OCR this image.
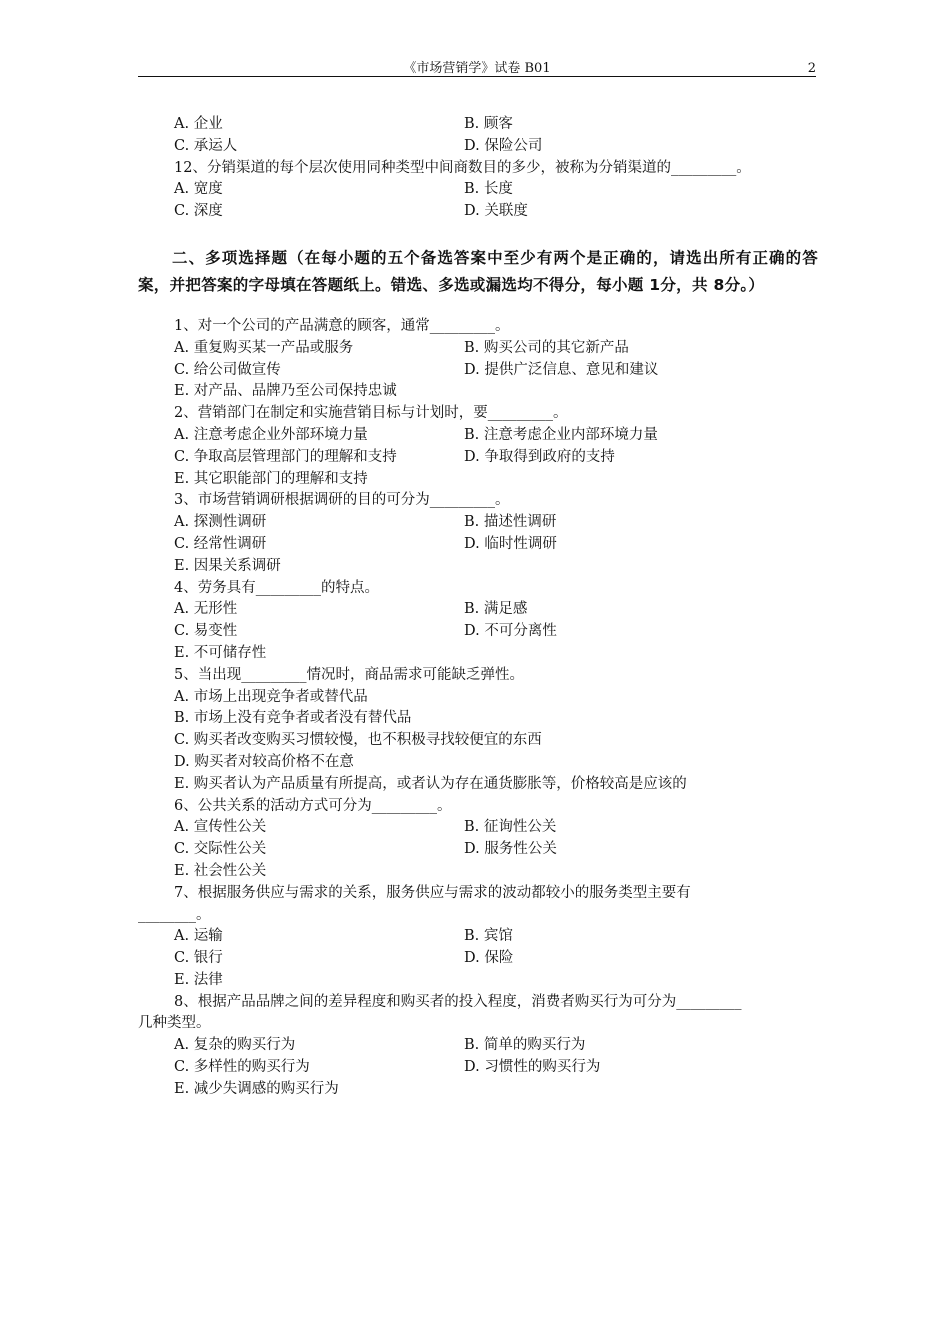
《市场营销学》试卷 B01	2
A. 企业	B. 顾客
C. 承运人	D. 保险公司
12、分销渠道的每个层次使用同种类型中间商数目的多少，被称为分销渠道的_________。
A. 宽度	B. 长度
C. 深度	D. 关联度
二、多项选择题（在每小题的五个备选答案中至少有两个是正确的，请选出所有正确的答案，并把答案的字母填在答题纸上。错选、多选或漏选均不得分，每小题 1分，共 8分。）
1、对一个公司的产品满意的顾客，通常_________。
A. 重复购买某一产品或服务	B. 购买公司的其它新产品
C. 给公司做宣传	D. 提供广泛信息、意见和建议
E. 对产品、品牌乃至公司保持忠诚
2、营销部门在制定和实施营销目标与计划时，要_________。
A. 注意考虑企业外部环境力量	B. 注意考虑企业内部环境力量
C. 争取高层管理部门的理解和支持	D. 争取得到政府的支持
E. 其它职能部门的理解和支持
3、市场营销调研根据调研的目的可分为_________。
A. 探测性调研	B. 描述性调研
C. 经常性调研	D. 临时性调研
E. 因果关系调研
4、劳务具有_________的特点。
A. 无形性	B. 满足感
C. 易变性	D. 不可分离性
E. 不可储存性
5、当出现_________情况时，商品需求可能缺乏弹性。
A. 市场上出现竞争者或替代品
B. 市场上没有竞争者或者没有替代品
C. 购买者改变购买习惯较慢，也不积极寻找较便宜的东西
D. 购买者对较高价格不在意
E. 购买者认为产品质量有所提高，或者认为存在通货膨胀等，价格较高是应该的
6、公共关系的活动方式可分为_________。
A. 宣传性公关	B. 征询性公关
C. 交际性公关	D. 服务性公关
E. 社会性公关
7、根据服务供应与需求的关系，服务供应与需求的波动都较小的服务类型主要有
________。
A. 运输	B. 宾馆
C. 银行	D. 保险
E. 法律
8、根据产品品牌之间的差异程度和购买者的投入程度，消费者购买行为可分为_________
几种类型。
A. 复杂的购买行为	B. 简单的购买行为
C. 多样性的购买行为	D. 习惯性的购买行为
E. 减少失调感的购买行为
